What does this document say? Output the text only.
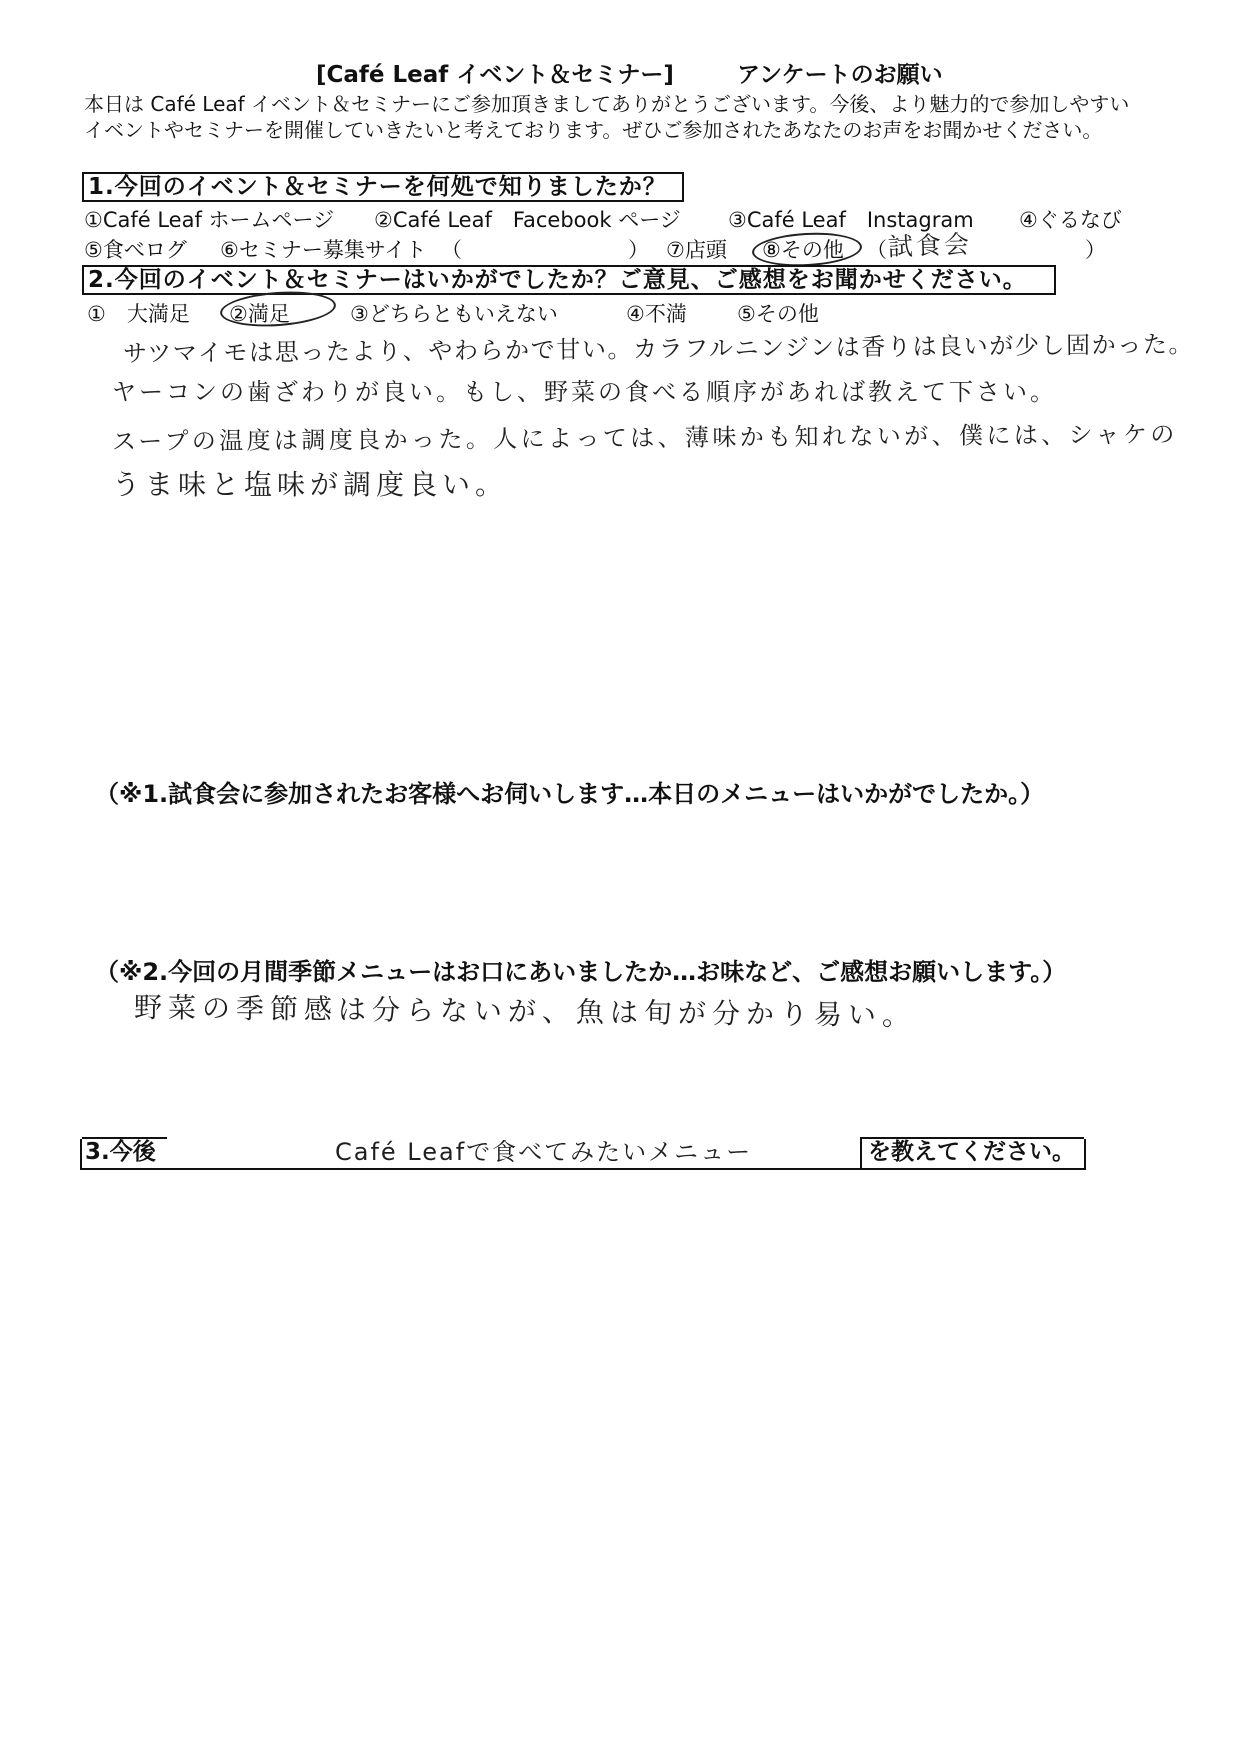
[Café Leaf イベント＆セミナー]	アンケートのお願い
本日は Café Leaf イベント＆セミナーにご参加頂きましてありがとうございます。今後、より魅力的で参加しやすい
イベントやセミナーを開催していきたいと考えております。ぜひご参加されたあなたのお声をお聞かせください。
1.今回のイベント＆セミナーを何処で知りましたか？
①Café Leaf ホームページ ②Café Leaf　Facebook ページ ③Café Leaf　Instagram ④ぐるなび
⑤食べログ ⑥セミナー募集サイト （	） ⑦店頭 ⑧その他 （ 試食会	）
2.今回のイベント＆セミナーはいかがでしたか？ご意見、ご感想をお聞かせください。
①　大満足 ②満足	③どちらともいえない	④不満 ⑤その他
サツマイモは思ったより、やわらかで甘い。カラフルニンジンは香りは良いが少し固かった。
ヤーコンの歯ざわりが良い。もし、野菜の食べる順序があれば教えて下さい。
スープの温度は調度良かった。人によっては、薄味かも知れないが、僕には、シャケの
うま味と塩味が調度良い。
（※1.試食会に参加されたお客様へお伺いします…本日のメニューはいかがでしたか。）
（※2.今回の月間季節メニューはお口にあいましたか…お味など、ご感想お願いします。）
野菜の季節感は分らないが、魚は旬が分かり易い。
3.今後	Café Leafで食べてみたいメニュー	を教えてください。
